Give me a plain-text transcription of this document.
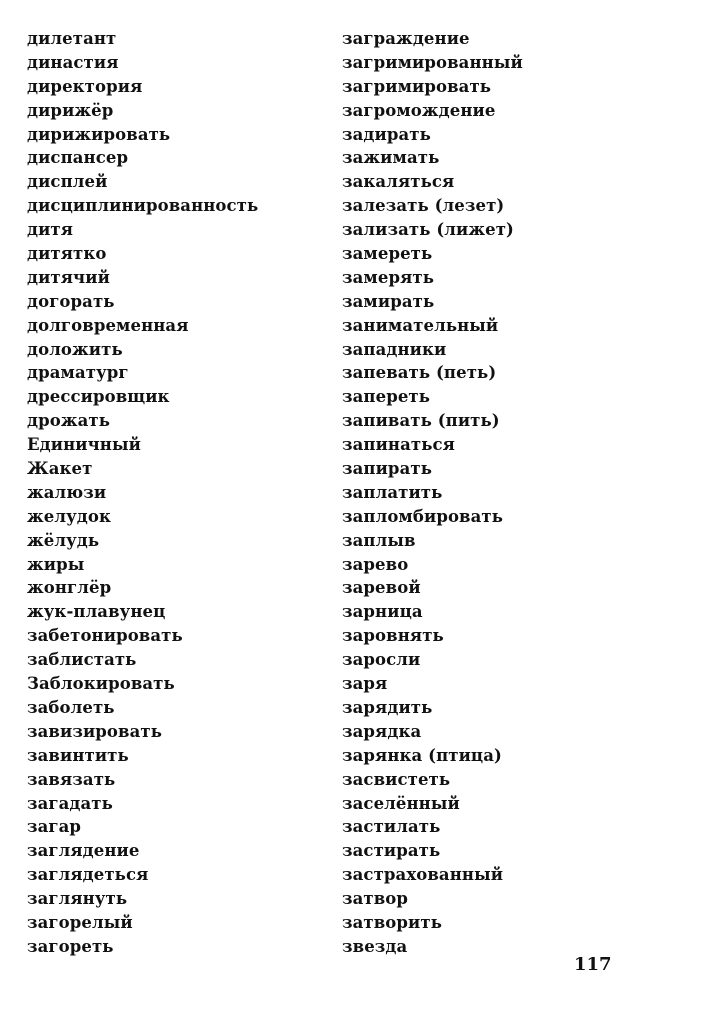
дилетант
династия
директория
дирижёр
дирижировать
диспансер
дисплей
дисциплинированность
дитя
дитятко
дитячий
догорать
долговременная
доложить
драматург
дрессировщик
дрожать
Единичный
Жакет
жалюзи
желудок
жёлудь
жиры
жонглёр
жук-плавунец
забетонировать
заблистать
Заблокировать
заболеть
завизировать
завинтить
завязать
загадать
загар
заглядение
заглядеться
заглянуть
загорелый
загореть
заграждение
загримированный
загримировать
загромождение
задирать
зажимать
закаляться
залезать (лезет)
зализать (лижет)
замереть
замерять
замирать
занимательный
западники
запевать (петь)
запереть
запивать (пить)
запинаться
запирать
заплатить
запломбировать
заплыв
зарево
заревой
зарница
заровнять
заросли
заря
зарядить
зарядка
зарянка (птица)
засвистеть
заселённый
застилать
застирать
застрахованный
затвор
затворить
звезда
117
